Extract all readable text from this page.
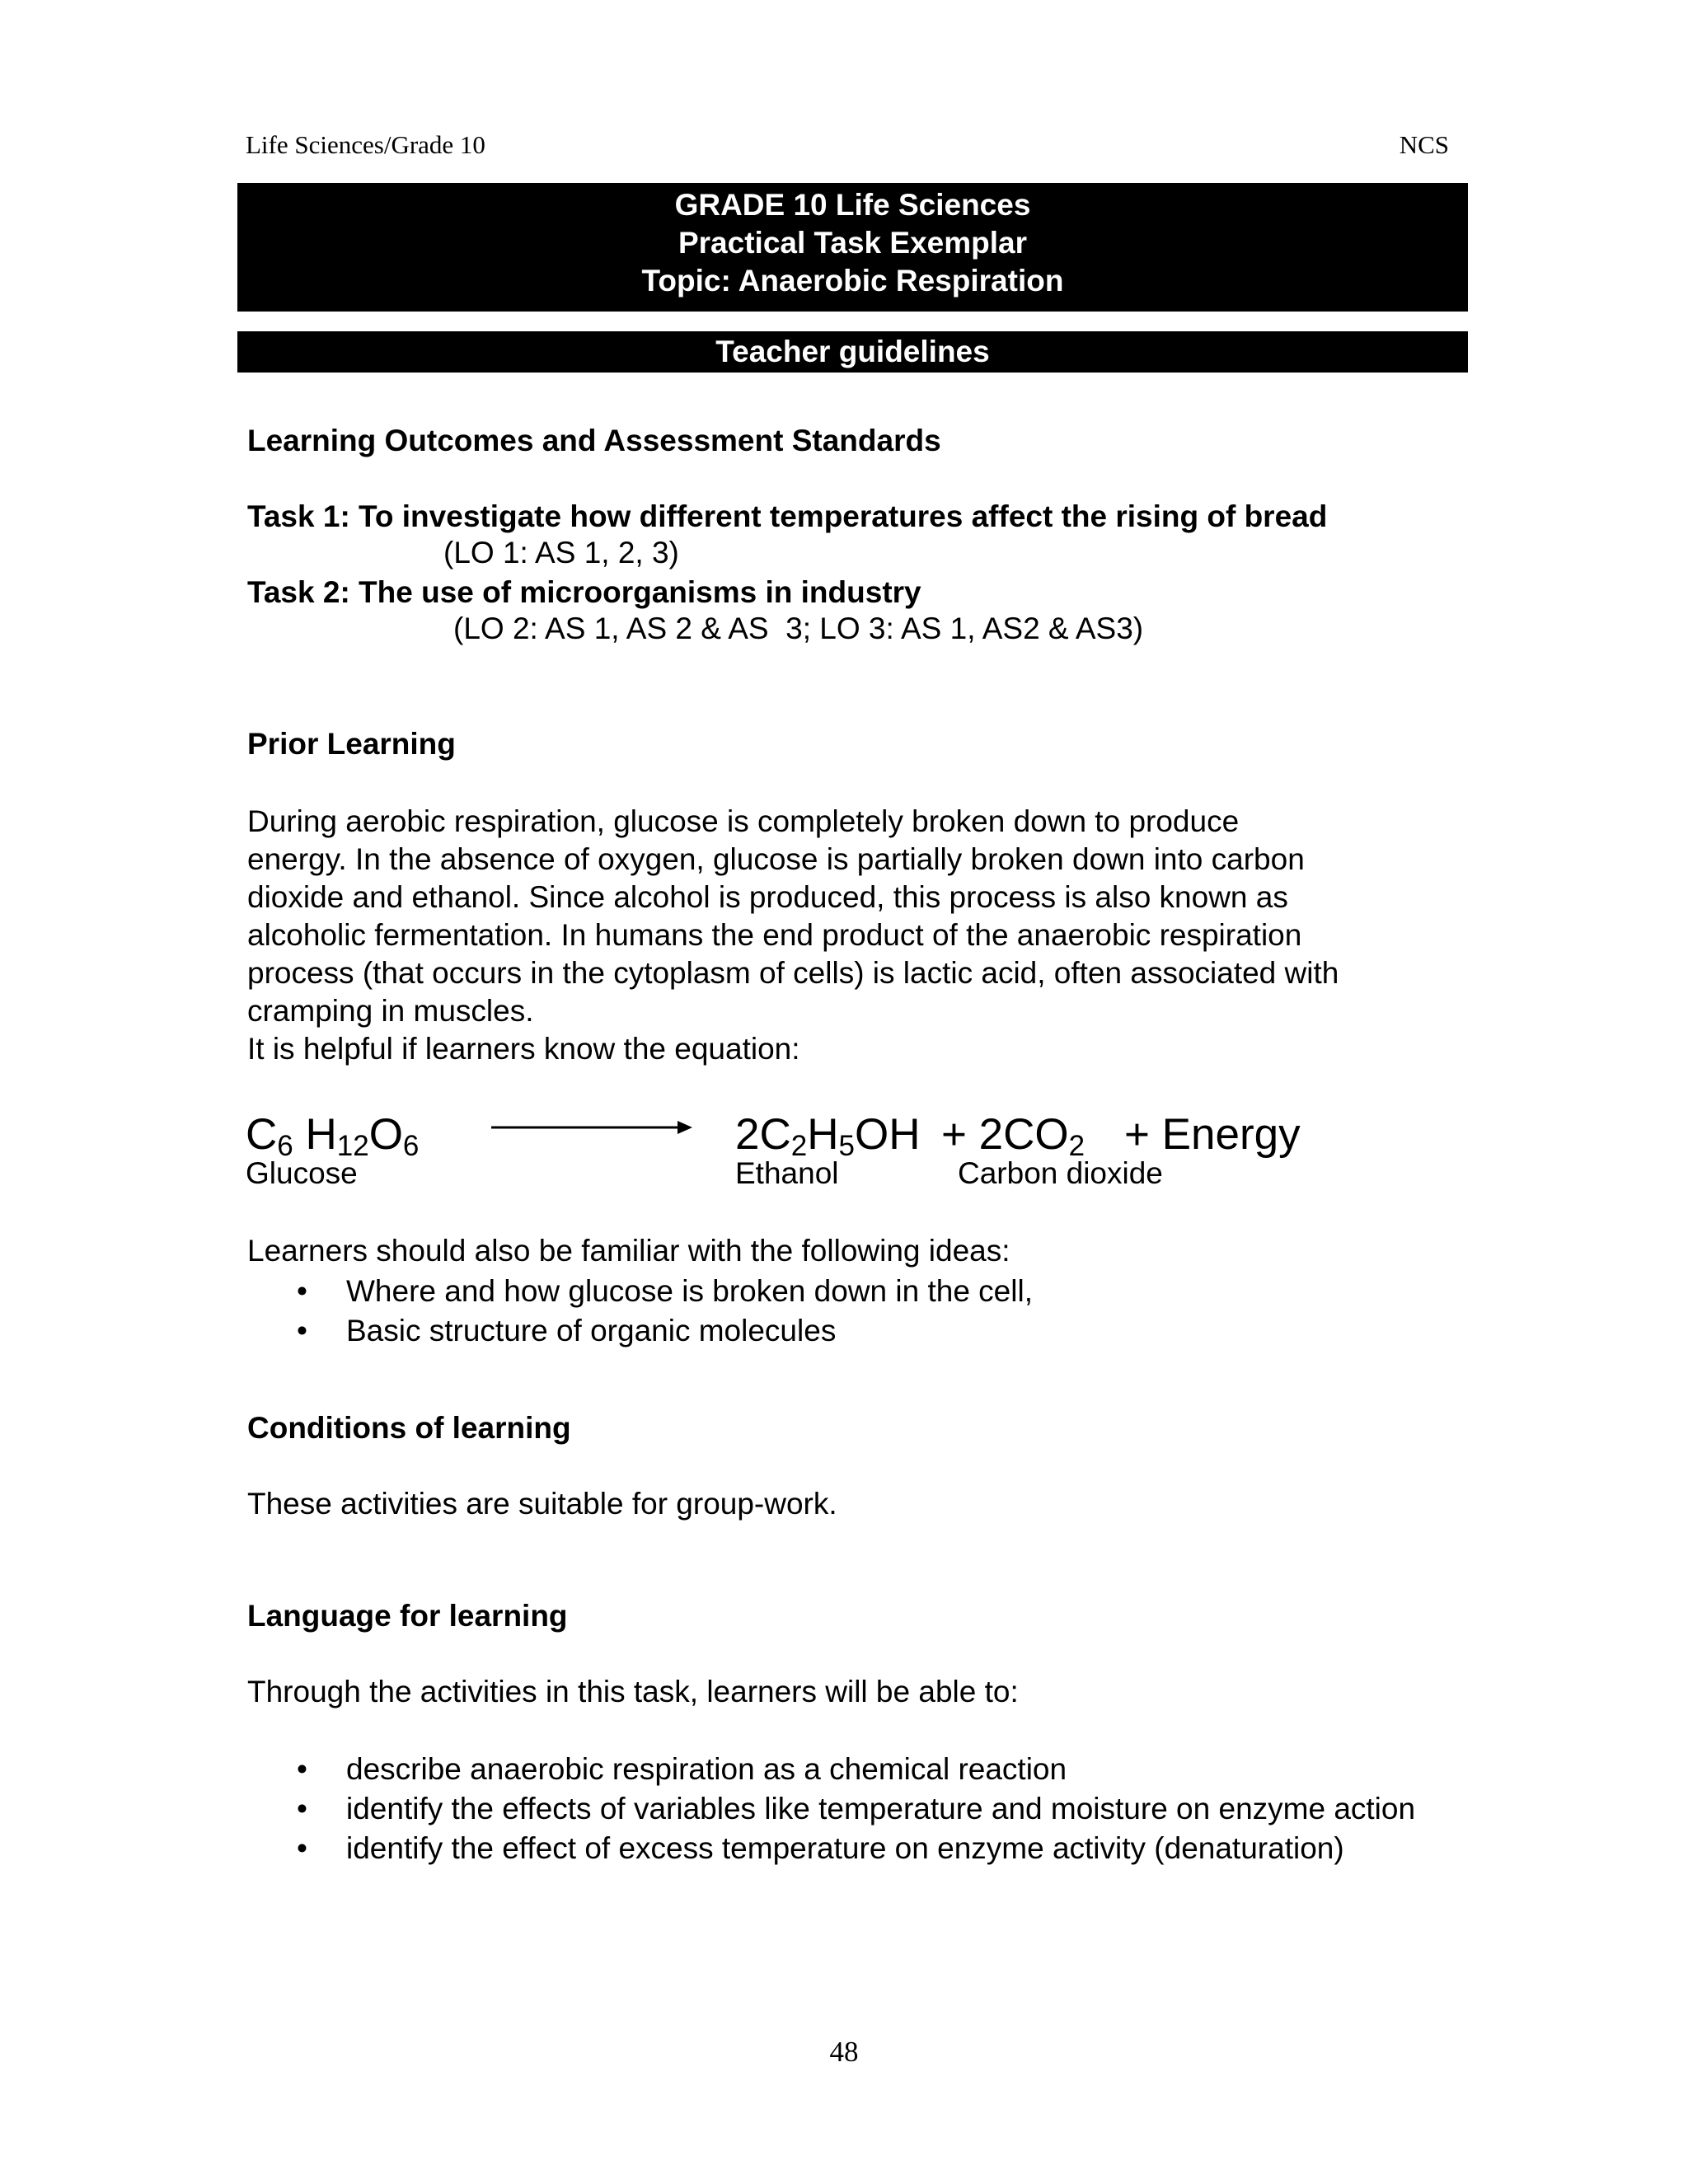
Life Sciences/Grade 10	NCS
GRADE 10 Life Sciences
Practical Task Exemplar
Topic: Anaerobic Respiration
Teacher guidelines
Learning Outcomes and Assessment Standards
Task 1: To investigate how different temperatures affect the rising of bread
(LO 1: AS 1, 2, 3)
Task 2: The use of microorganisms in industry
(LO 2: AS 1, AS 2 & AS  3; LO 3: AS 1, AS2 & AS3)
Prior Learning
During aerobic respiration, glucose is completely broken down to produce
energy. In the absence of oxygen, glucose is partially broken down into carbon
dioxide and ethanol. Since alcohol is produced, this process is also known as
alcoholic fermentation. In humans the end product of the anaerobic respiration
process (that occurs in the cytoplasm of cells) is lactic acid, often associated with
cramping in muscles.
It is helpful if learners know the equation:
$C_6$ $H_{12}O_6$	$2C_2H_5OH + 2CO_2$ + Energy
Glucose	Ethanol	Carbon dioxide
Learners should also be familiar with the following ideas:
• Where and how glucose is broken down in the cell,
• Basic structure of organic molecules
Conditions of learning
These activities are suitable for group-work.
Language for learning
Through the activities in this task, learners will be able to:
• describe anaerobic respiration as a chemical reaction
• identify the effects of variables like temperature and moisture on enzyme action
• identify the effect of excess temperature on enzyme activity (denaturation)
48
